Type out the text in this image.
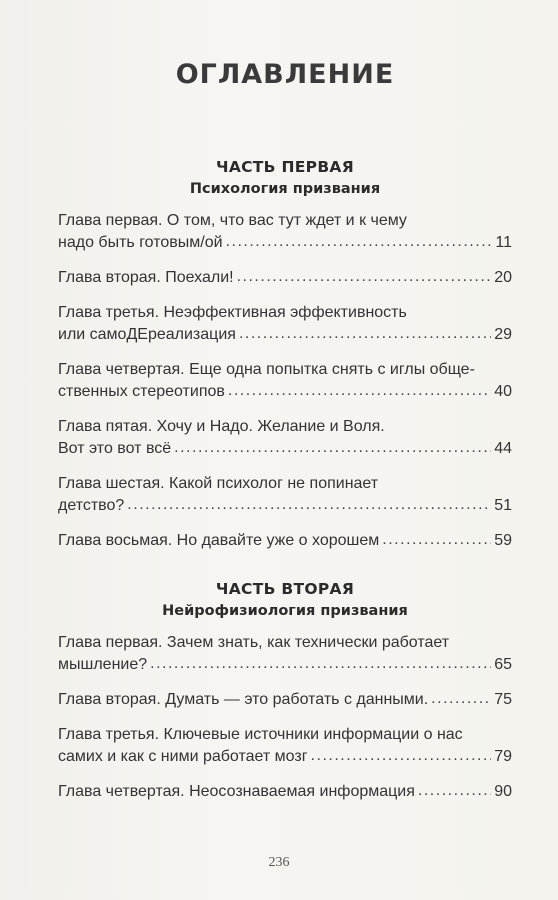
ОГЛАВЛЕНИЕ
ЧАСТЬ ПЕРВАЯ
Психология призвания
Глава первая. О том, что вас тут ждет и к чему
надо быть готовым/ой .....	11
Глава вторая. Поехали! .....	20
Глава третья. Неэффективная эффективность
или самоДЕреализация .....	29
Глава четвертая. Еще одна попытка снять с иглы обще-
ственных стереотипов .....	40
Глава пятая. Хочу и Надо. Желание и Воля.
Вот это вот всё .....	44
Глава шестая. Какой психолог не попинает
детство? .....	51
Глава восьмая. Но давайте уже о хорошем .....	59
ЧАСТЬ ВТОРАЯ
Нейрофизиология призвания
Глава первая. Зачем знать, как технически работает
мышление? .....	65
Глава вторая. Думать — это работать с данными. .....	75
Глава третья. Ключевые источники информации о нас
самих и как с ними работает мозг .....	79
Глава четвертая. Неосознаваемая информация .....	90
236
